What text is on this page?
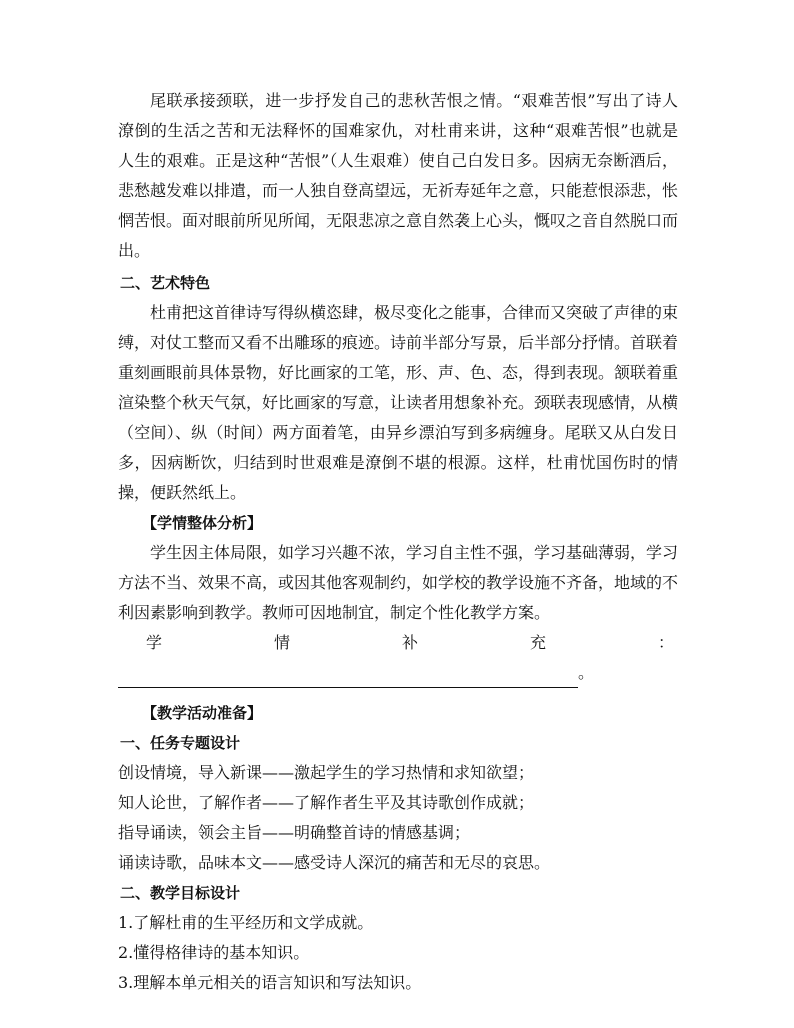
尾联承接颈联，进一步抒发自己的悲秋苦恨之情。“艰难苦恨”写出了诗人潦倒的生活之苦和无法释怀的国难家仇，对杜甫来讲，这种“艰难苦恨”也就是人生的艰难。正是这种“苦恨”（人生艰难）使自己白发日多。因病无奈断酒后，悲愁越发难以排遣，而一人独自登高望远，无祈寿延年之意，只能惹恨添悲，怅惘苦恨。面对眼前所见所闻，无限悲凉之意自然袭上心头，慨叹之音自然脱口而出。

二、艺术特色

杜甫把这首律诗写得纵横恣肆，极尽变化之能事，合律而又突破了声律的束缚，对仗工整而又看不出雕琢的痕迹。诗前半部分写景，后半部分抒情。首联着重刻画眼前具体景物，好比画家的工笔，形、声、色、态，得到表现。颔联着重渲染整个秋天气氛，好比画家的写意，让读者用想象补充。颈联表现感情，从横（空间）、纵（时间）两方面着笔，由异乡漂泊写到多病缠身。尾联又从白发日多，因病断饮，归结到时世艰难是潦倒不堪的根源。这样，杜甫忧国伤时的情操，便跃然纸上。

【学情整体分析】

学生因主体局限，如学习兴趣不浓，学习自主性不强，学习基础薄弱，学习方法不当、效果不高，或因其他客观制约，如学校的教学设施不齐备，地域的不利因素影响到教学。教师可因地制宜，制定个性化教学方案。

学	情	补	充	：
。

【教学活动准备】

一、任务专题设计

创设情境，导入新课——激起学生的学习热情和求知欲望；

知人论世，了解作者——了解作者生平及其诗歌创作成就；

指导诵读，领会主旨——明确整首诗的情感基调；

诵读诗歌，品味本文——感受诗人深沉的痛苦和无尽的哀思。

二、教学目标设计

1.了解杜甫的生平经历和文学成就。

2.懂得格律诗的基本知识。

3.理解本单元相关的语言知识和写法知识。
